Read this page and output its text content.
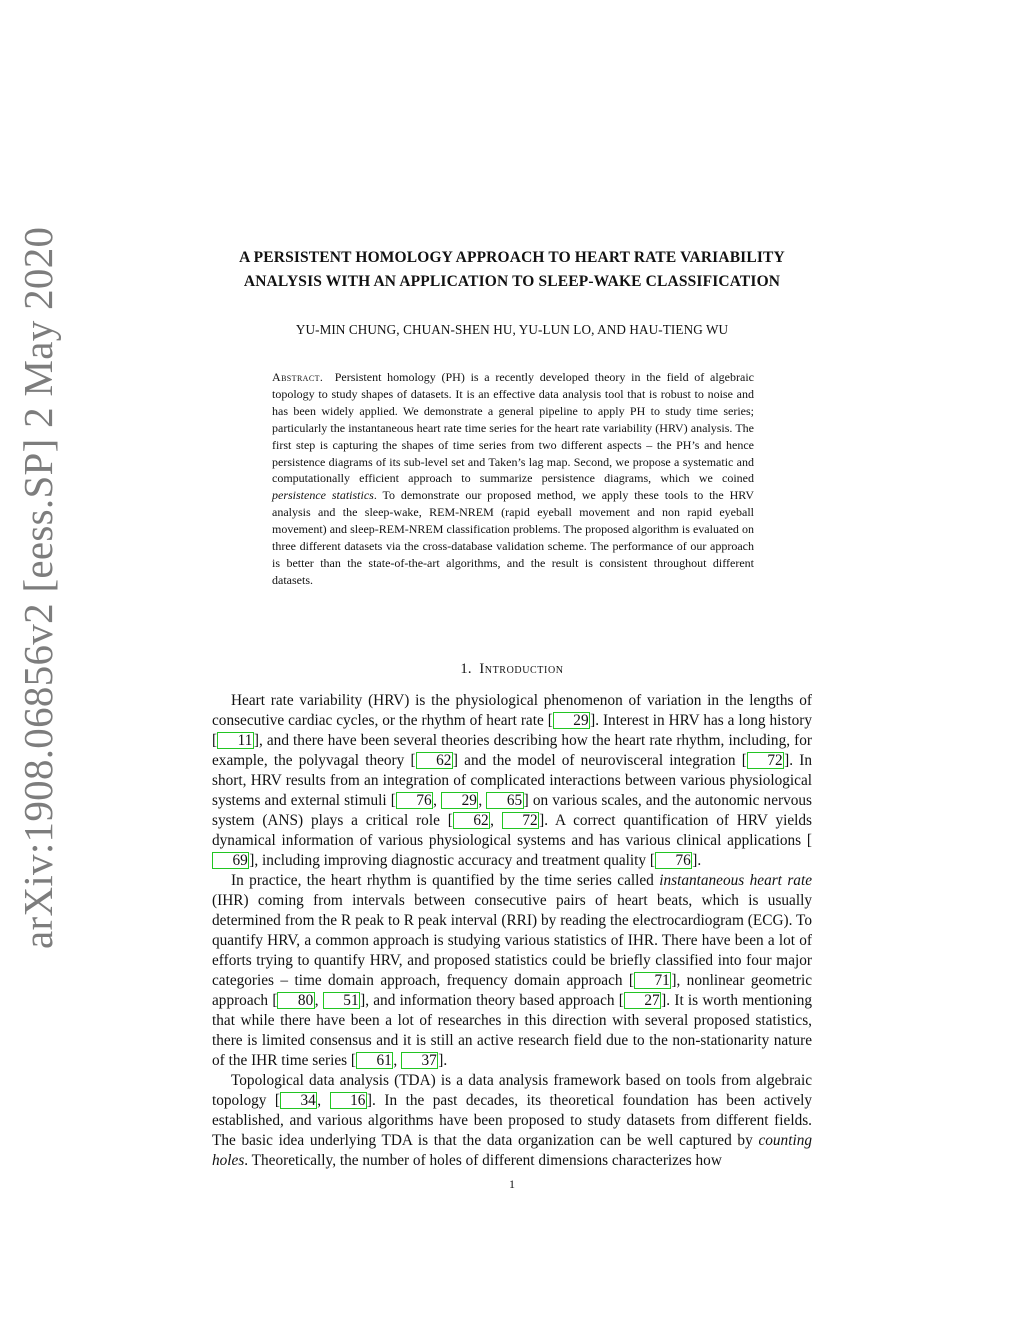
arXiv:1908.06856v2 [eess.SP] 2 May 2020	A PERSISTENT HOMOLOGY APPROACH TO HEART RATE VARIABILITY
ANALYSIS WITH AN APPLICATION TO SLEEP-WAKE CLASSIFICATION
YU-MIN CHUNG, CHUAN-SHEN HU, YU-LUN LO, AND HAU-TIENG WU
Abstract. Persistent homology (PH) is a recently developed theory in the field of algebraic topology to study shapes of datasets. It is an effective data analysis tool that is robust to noise and has been widely applied. We demonstrate a general pipeline to apply PH to study time series; particularly the instantaneous heart rate time series for the heart rate variability (HRV) analysis. The first step is capturing the shapes of time series from two different aspects – the PH’s and hence persistence diagrams of its sub-level set and Taken’s lag map. Second, we propose a systematic and computationally efficient approach to summarize persistence diagrams, which we coined persistence statistics. To demonstrate our proposed method, we apply these tools to the HRV analysis and the sleep-wake, REM-NREM (rapid eyeball movement and non rapid eyeball movement) and sleep-REM-NREM classification problems. The proposed algorithm is evaluated on three different datasets via the cross-database validation scheme. The performance of our approach is better than the state-of-the-art algorithms, and the result is consistent throughout different datasets.
1. Introduction

Heart rate variability (HRV) is the physiological phenomenon of variation in the lengths of consecutive cardiac cycles, or the rhythm of heart rate [ 29]. Interest in HRV has a long history [ 11], and there have been several theories describing how the heart rate rhythm, including, for example, the polyvagal theory [ 62] and the model of neurovisceral integration [ 72]. In short, HRV results from an integration of complicated interactions between various physiological systems and external stimuli [ 76, 29, 65] on various scales, and the autonomic nervous system (ANS) plays a critical role [ 62, 72]. A correct quantification of HRV yields dynamical information of various physiological systems and has various clinical applications [69], including improving diagnostic accuracy and treatment quality [ 76].

In practice, the heart rhythm is quantified by the time series called instantaneous heart rate (IHR) coming from intervals between consecutive pairs of heart beats, which is usually determined from the R peak to R peak interval (RRI) by reading the electrocardiogram (ECG). To quantify HRV, a common approach is studying various statistics of IHR. There have been a lot of efforts trying to quantify HRV, and proposed statistics could be briefly classified into four major categories – time domain approach, frequency domain approach [ 71], nonlinear geometric approach [ 80, 51], and information theory based approach [ 27]. It is worth mentioning that while there have been a lot of researches in this direction with several proposed statistics, there is limited consensus and it is still an active research field due to the non-stationarity nature of the IHR time series [ 61, 37].

Topological data analysis (TDA) is a data analysis framework based on tools from algebraic topology [ 34, 16]. In the past decades, its theoretical foundation has been actively established, and various algorithms have been proposed to study datasets from different fields. The basic idea underlying TDA is that the data organization can be well captured by counting holes. Theoretically, the number of holes of different dimensions characterizes how

1
